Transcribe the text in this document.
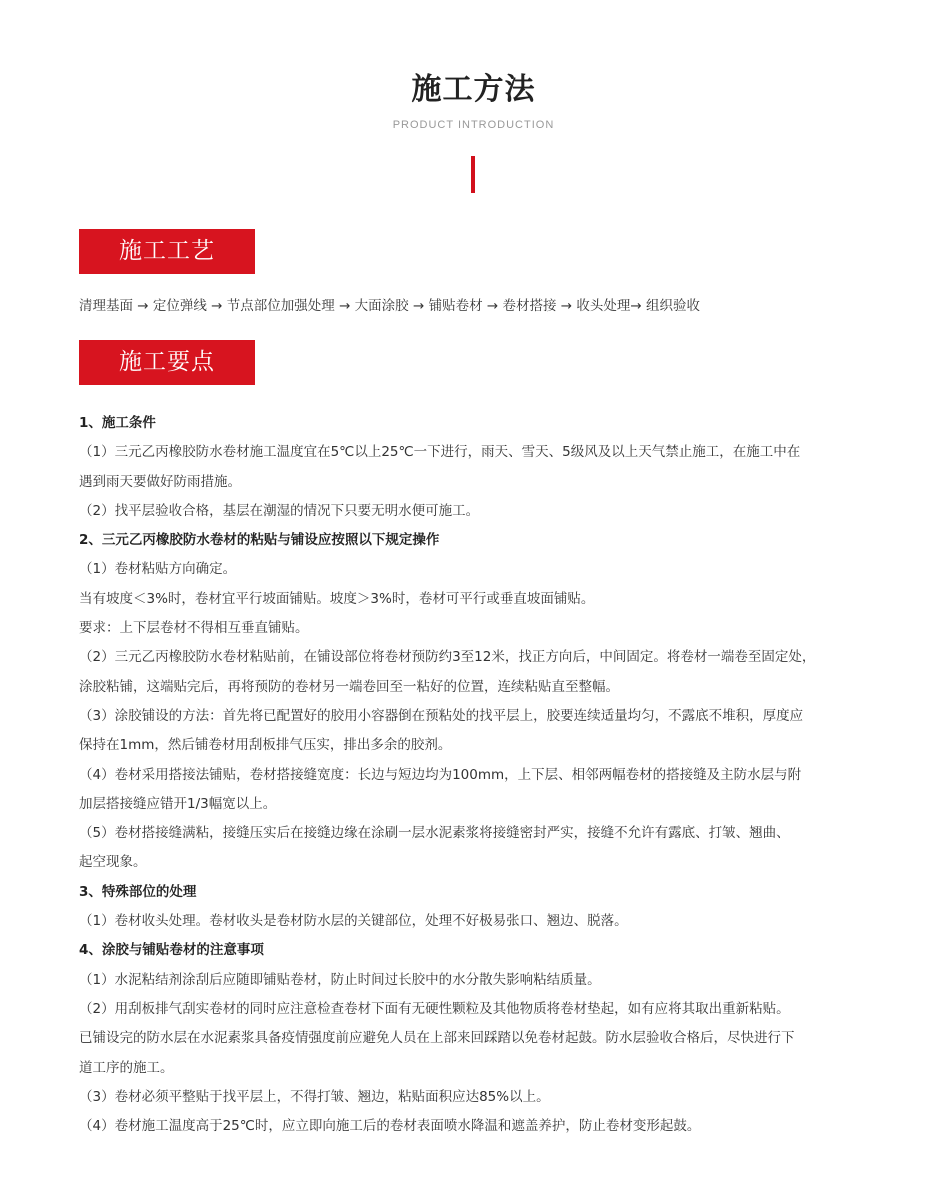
施工方法
PRODUCT INTRODUCTION
施工工艺
清理基面 → 定位弹线 → 节点部位加强处理 → 大面涂胶 → 铺贴卷材 → 卷材搭接 → 收头处理→ 组织验收
施工要点
1、施工条件
（1）三元乙丙橡胶防水卷材施工温度宜在5℃以上25℃一下进行，雨天、雪天、5级风及以上天气禁止施工，在施工中在
遇到雨天要做好防雨措施。
（2）找平层验收合格，基层在潮湿的情况下只要无明水便可施工。
2、三元乙丙橡胶防水卷材的粘贴与铺设应按照以下规定操作
（1）卷材粘贴方向确定。
当有坡度＜3%时，卷材宜平行坡面铺贴。坡度＞3%时，卷材可平行或垂直坡面铺贴。
要求：上下层卷材不得相互垂直铺贴。
（2）三元乙丙橡胶防水卷材粘贴前，在铺设部位将卷材预防约3至12米，找正方向后，中间固定。将卷材一端卷至固定处，
涂胶粘铺，这端贴完后，再将预防的卷材另一端卷回至一粘好的位置，连续粘贴直至整幅。
（3）涂胶铺设的方法：首先将已配置好的胶用小容器倒在预粘处的找平层上，胶要连续适量均匀，不露底不堆积，厚度应
保持在1mm，然后铺卷材用刮板排气压实，排出多余的胶剂。
（4）卷材采用搭接法铺贴，卷材搭接缝宽度：长边与短边均为100mm，上下层、相邻两幅卷材的搭接缝及主防水层与附
加层搭接缝应错开1/3幅宽以上。
（5）卷材搭接缝满粘，接缝压实后在接缝边缘在涂刷一层水泥素浆将接缝密封严实，接缝不允许有露底、打皱、翘曲、
起空现象。
3、特殊部位的处理
（1）卷材收头处理。卷材收头是卷材防水层的关键部位，处理不好极易张口、翘边、脱落。
4、涂胶与铺贴卷材的注意事项
（1）水泥粘结剂涂刮后应随即铺贴卷材，防止时间过长胶中的水分散失影响粘结质量。
（2）用刮板排气刮实卷材的同时应注意检查卷材下面有无硬性颗粒及其他物质将卷材垫起，如有应将其取出重新粘贴。
已铺设完的防水层在水泥素浆具备疫情强度前应避免人员在上部来回踩踏以免卷材起鼓。防水层验收合格后，尽快进行下
道工序的施工。
（3）卷材必须平整贴于找平层上，不得打皱、翘边，粘贴面积应达85%以上。
（4）卷材施工温度高于25℃时，应立即向施工后的卷材表面喷水降温和遮盖养护，防止卷材变形起鼓。
